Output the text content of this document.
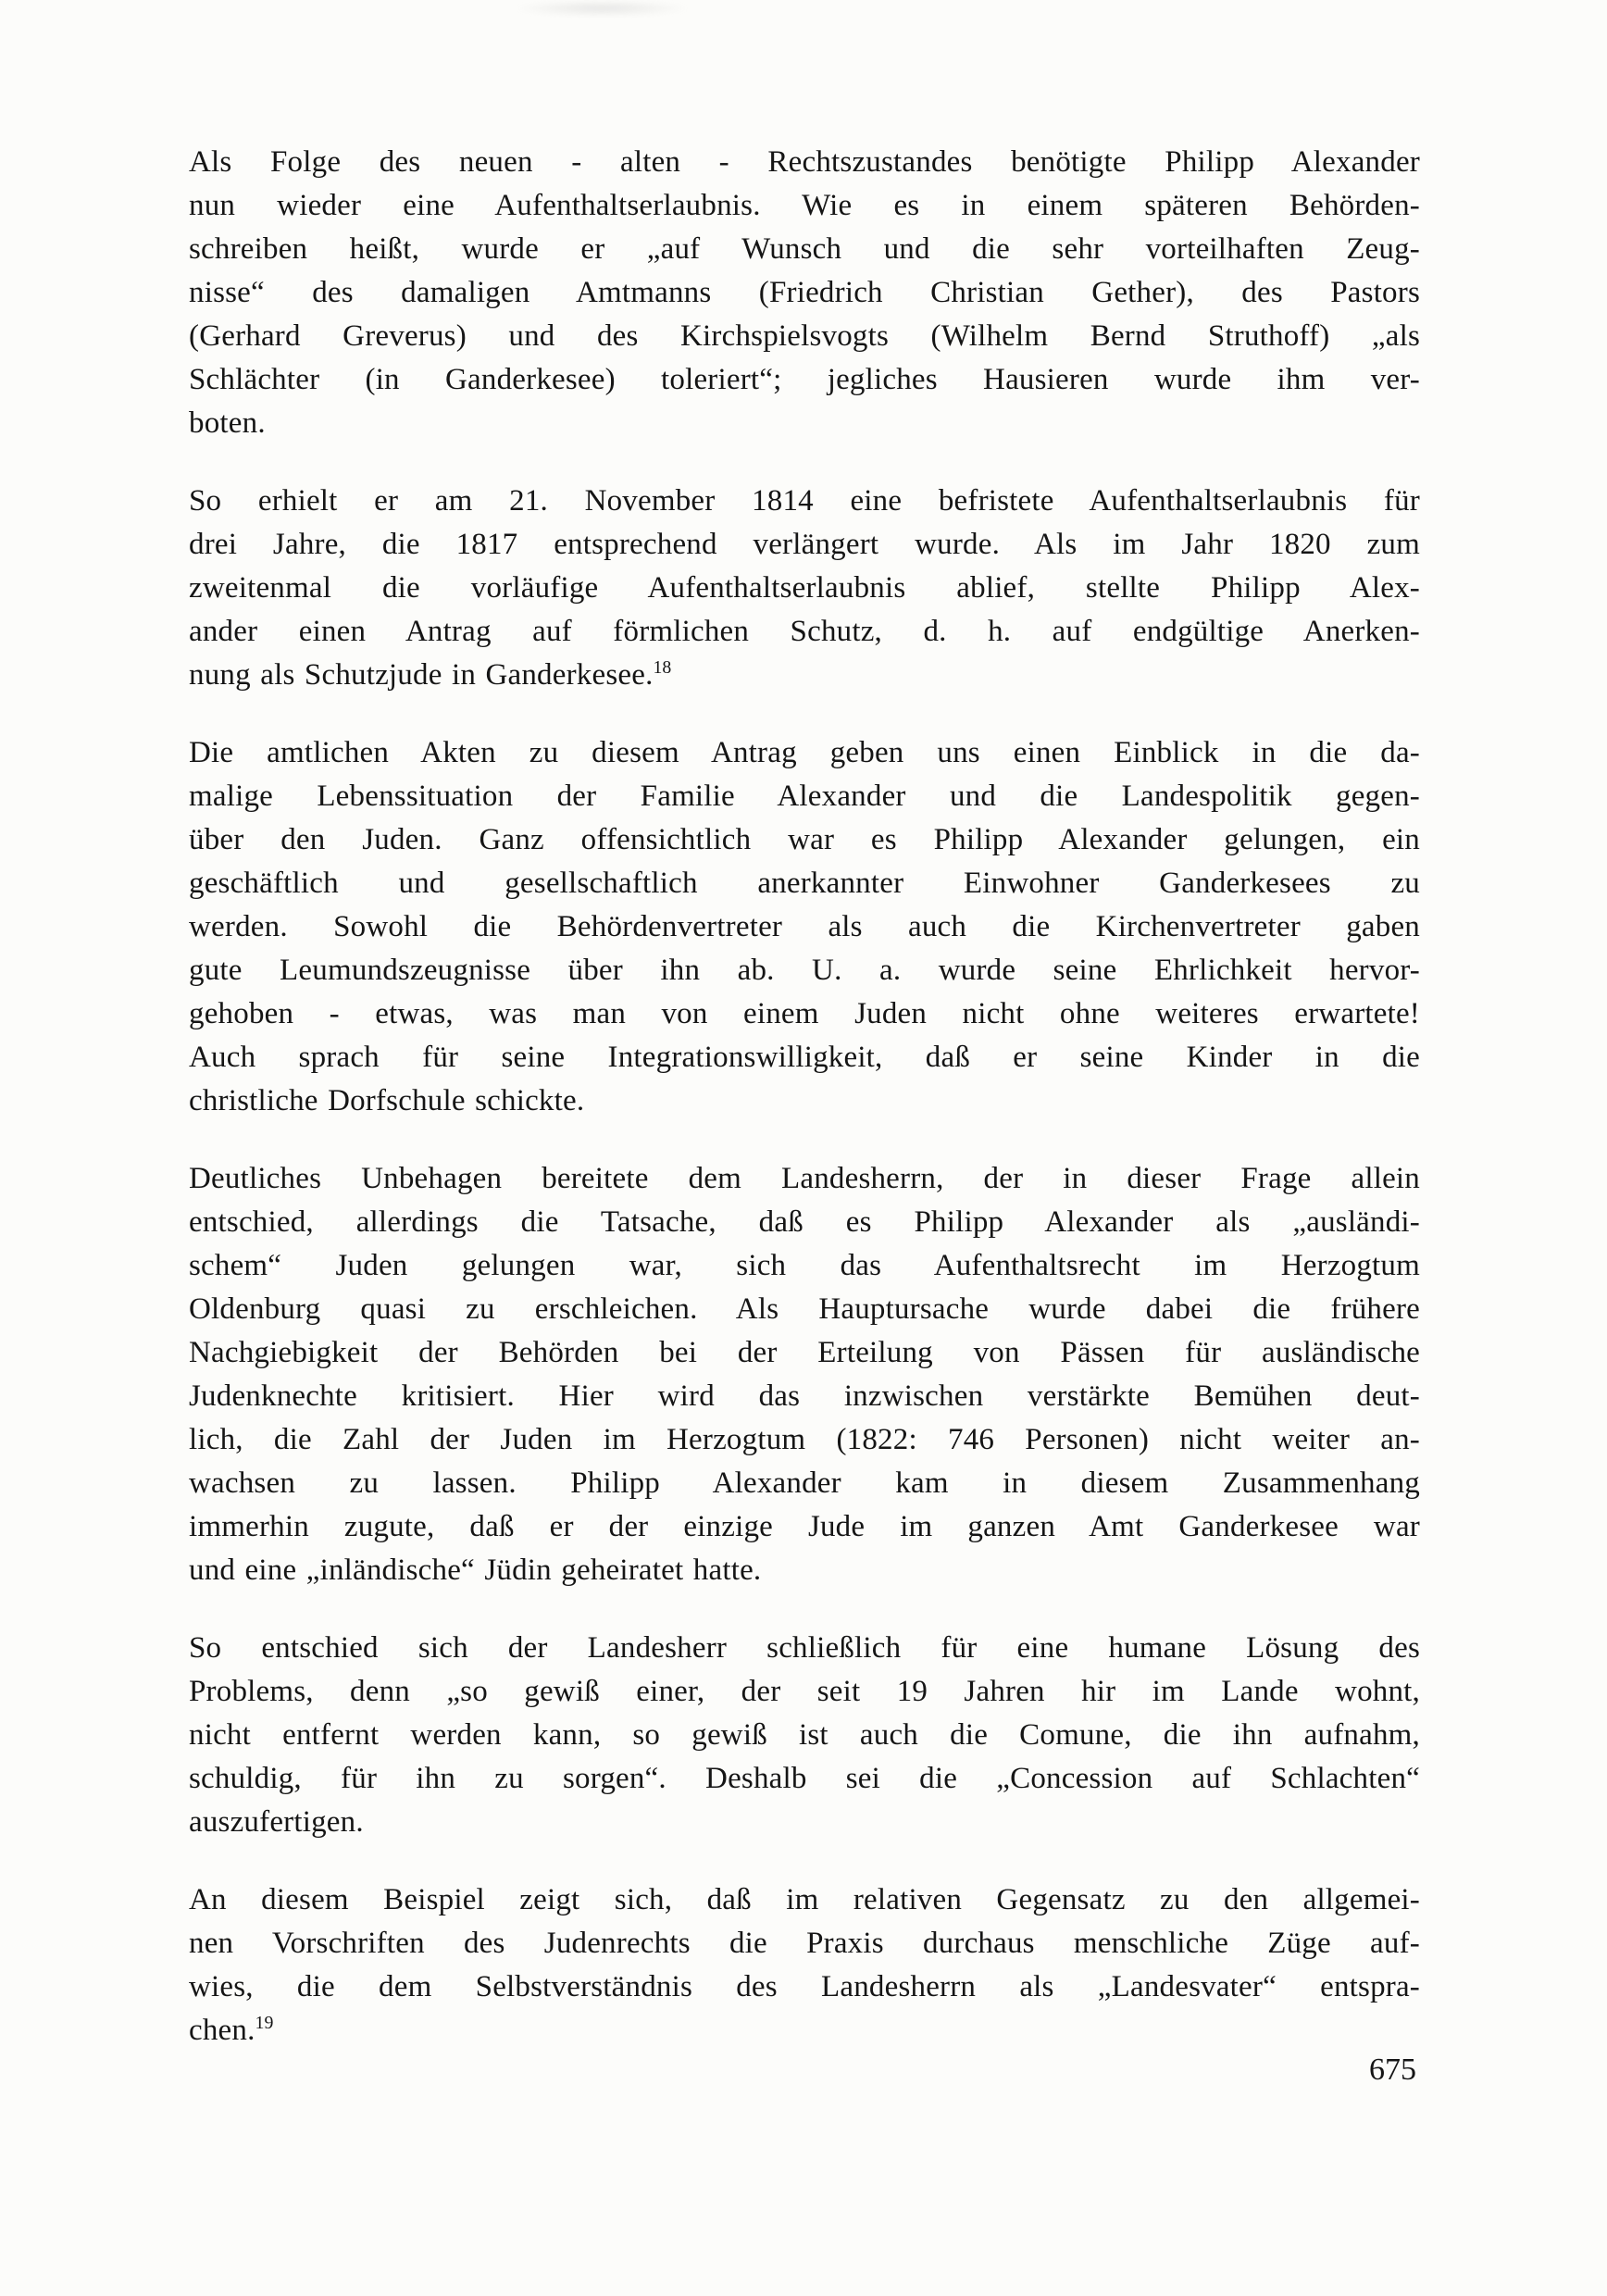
Als Folge des neuen - alten - Rechtszustandes benötigte Philipp Alexander
nun wieder eine Aufenthaltserlaubnis. Wie es in einem späteren Behörden-
schreiben heißt, wurde er „auf Wunsch und die sehr vorteilhaften Zeug-
nisse“ des damaligen Amtmanns (Friedrich Christian Gether), des Pastors
(Gerhard Greverus) und des Kirchspielsvogts (Wilhelm Bernd Struthoff) „als
Schlächter (in Ganderkesee) toleriert“; jegliches Hausieren wurde ihm ver-
boten.

So erhielt er am 21. November 1814 eine befristete Aufenthaltserlaubnis für
drei Jahre, die 1817 entsprechend verlängert wurde. Als im Jahr 1820 zum
zweitenmal die vorläufige Aufenthaltserlaubnis ablief, stellte Philipp Alex-
ander einen Antrag auf förmlichen Schutz, d. h. auf endgültige Anerken-
nung als Schutzjude in Ganderkesee.$^{18}$

Die amtlichen Akten zu diesem Antrag geben uns einen Einblick in die da-
malige Lebenssituation der Familie Alexander und die Landespolitik gegen-
über den Juden. Ganz offensichtlich war es Philipp Alexander gelungen, ein
geschäftlich und gesellschaftlich anerkannter Einwohner Ganderkesees zu
werden. Sowohl die Behördenvertreter als auch die Kirchenvertreter gaben
gute Leumundszeugnisse über ihn ab. U. a. wurde seine Ehrlichkeit hervor-
gehoben - etwas, was man von einem Juden nicht ohne weiteres erwartete!
Auch sprach für seine Integrationswilligkeit, daß er seine Kinder in die
christliche Dorfschule schickte.

Deutliches Unbehagen bereitete dem Landesherrn, der in dieser Frage allein
entschied, allerdings die Tatsache, daß es Philipp Alexander als „ausländi-
schem“ Juden gelungen war, sich das Aufenthaltsrecht im Herzogtum
Oldenburg quasi zu erschleichen. Als Hauptursache wurde dabei die frühere
Nachgiebigkeit der Behörden bei der Erteilung von Pässen für ausländische
Judenknechte kritisiert. Hier wird das inzwischen verstärkte Bemühen deut-
lich, die Zahl der Juden im Herzogtum (1822: 746 Personen) nicht weiter an-
wachsen zu lassen. Philipp Alexander kam in diesem Zusammenhang
immerhin zugute, daß er der einzige Jude im ganzen Amt Ganderkesee war
und eine „inländische“ Jüdin geheiratet hatte.

So entschied sich der Landesherr schließlich für eine humane Lösung des
Problems, denn „so gewiß einer, der seit 19 Jahren hir im Lande wohnt,
nicht entfernt werden kann, so gewiß ist auch die Comune, die ihn aufnahm,
schuldig, für ihn zu sorgen“. Deshalb sei die „Concession auf Schlachten“
auszufertigen.

An diesem Beispiel zeigt sich, daß im relativen Gegensatz zu den allgemei-
nen Vorschriften des Judenrechts die Praxis durchaus menschliche Züge auf-
wies, die dem Selbstverständnis des Landesherrn als „Landesvater“ entspra-
chen.$^{19}$

675
